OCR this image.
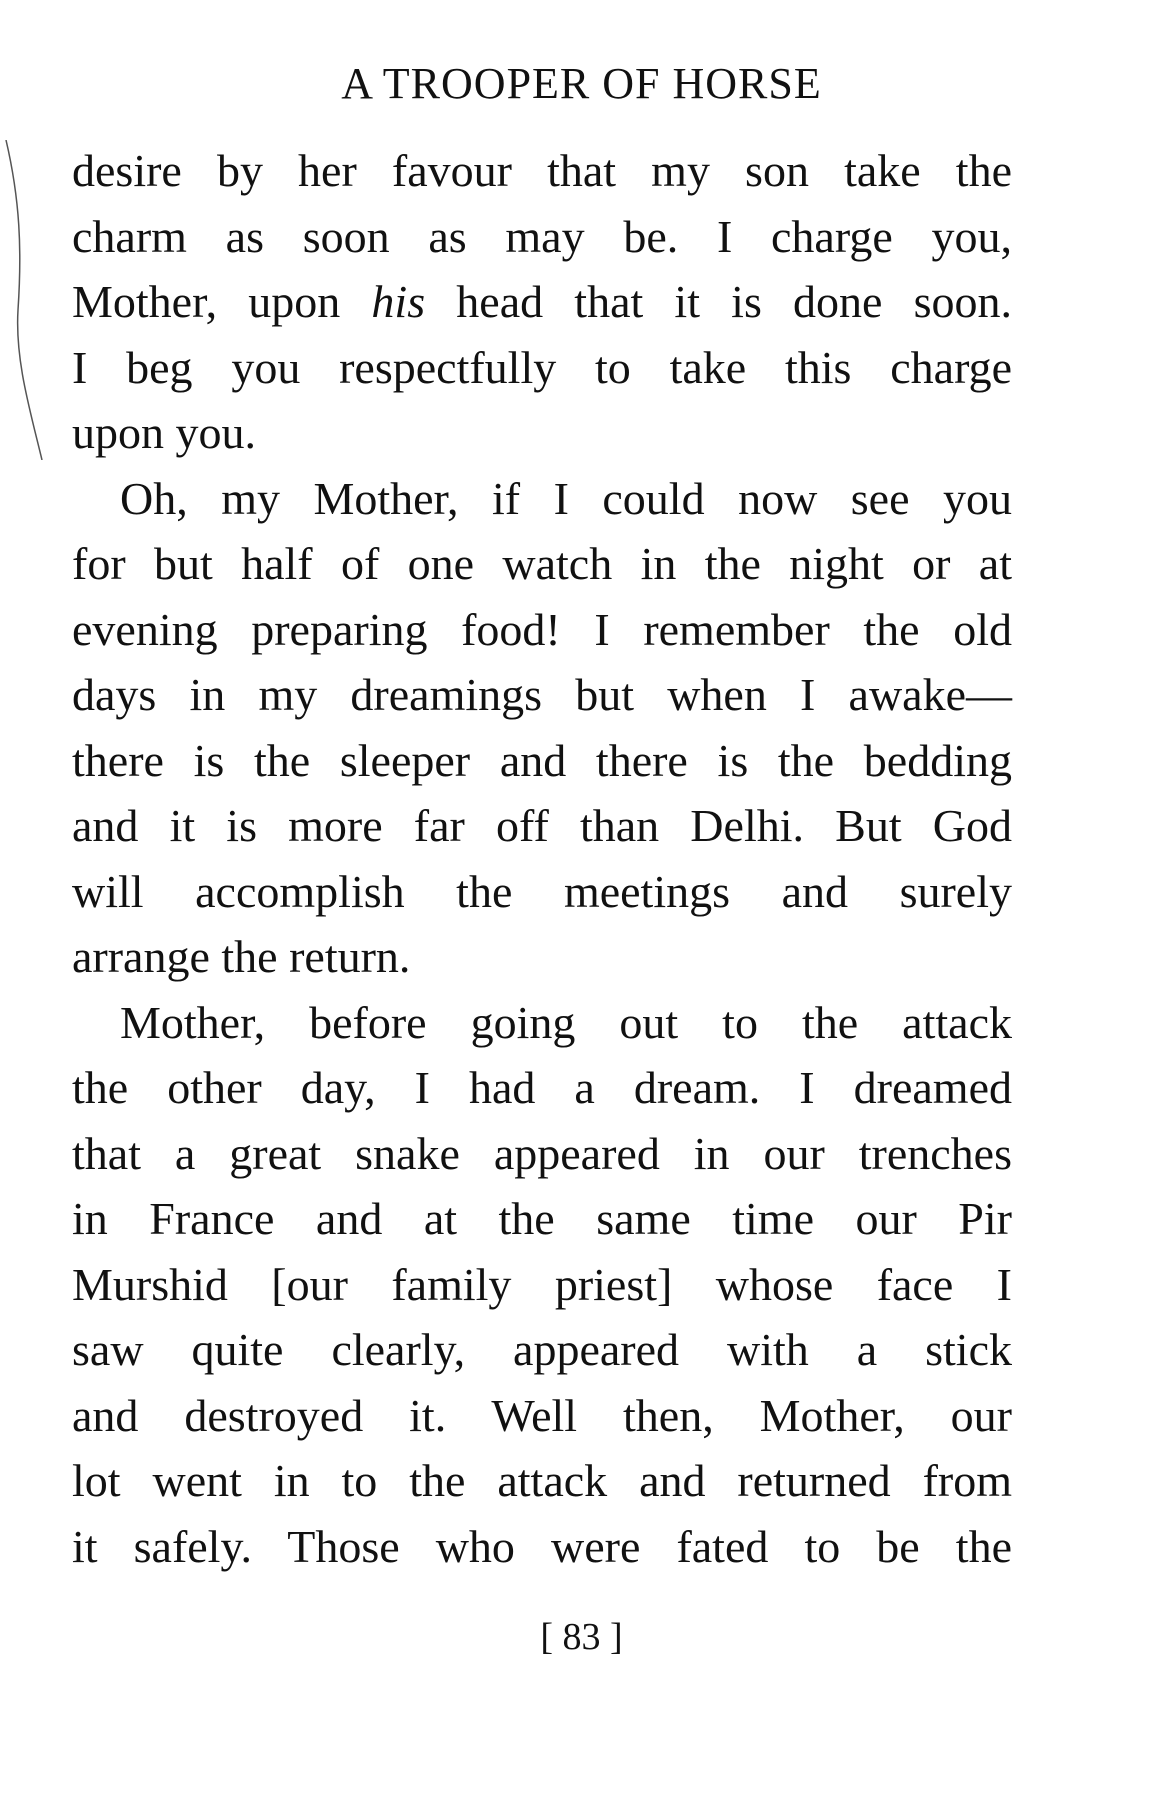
A TROOPER OF HORSE
desire by her favour that my son take the
charm as soon as may be. I charge you,
Mother, upon his head that it is done soon.
I beg you respectfully to take this charge
upon you.
Oh, my Mother, if I could now see you
for but half of one watch in the night or at
evening preparing food! I remember the old
days in my dreamings but when I awake—
there is the sleeper and there is the bedding
and it is more far off than Delhi. But God
will accomplish the meetings and surely
arrange the return.
Mother, before going out to the attack
the other day, I had a dream. I dreamed
that a great snake appeared in our trenches
in France and at the same time our Pir
Murshid [our family priest] whose face I
saw quite clearly, appeared with a stick
and destroyed it. Well then, Mother, our
lot went in to the attack and returned from
it safely. Those who were fated to be the
[ 83 ]
